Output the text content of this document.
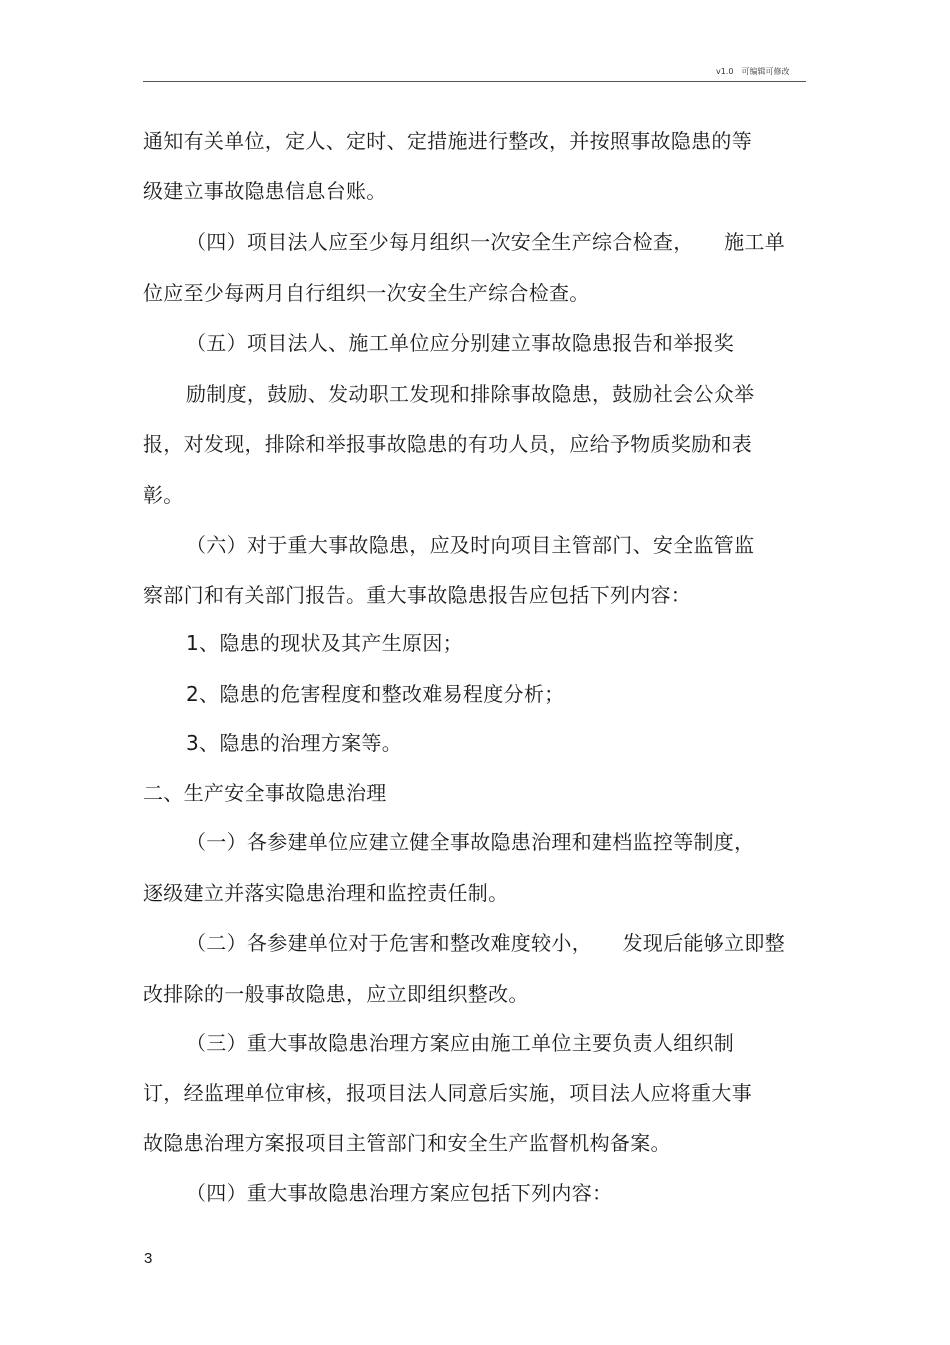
v1.0　可编辑可修改
通知有关单位，定人、定时、定措施进行整改，并按照事故隐患的等
级建立事故隐患信息台账。
（四）项目法人应至少每月组织一次安全生产综合检查，　　施工单
位应至少每两月自行组织一次安全生产综合检查。
（五）项目法人、施工单位应分别建立事故隐患报告和举报奖
励制度，鼓励、发动职工发现和排除事故隐患，鼓励社会公众举
报，对发现，排除和举报事故隐患的有功人员，应给予物质奖励和表
彰。
（六）对于重大事故隐患，应及时向项目主管部门、安全监管监
察部门和有关部门报告。重大事故隐患报告应包括下列内容：
1、隐患的现状及其产生原因；
2、隐患的危害程度和整改难易程度分析；
3、隐患的治理方案等。
二、生产安全事故隐患治理
（一）各参建单位应建立健全事故隐患治理和建档监控等制度，
逐级建立并落实隐患治理和监控责任制。
（二）各参建单位对于危害和整改难度较小，　　发现后能够立即整
改排除的一般事故隐患，应立即组织整改。
（三）重大事故隐患治理方案应由施工单位主要负责人组织制
订，经监理单位审核，报项目法人同意后实施，项目法人应将重大事
故隐患治理方案报项目主管部门和安全生产监督机构备案。
（四）重大事故隐患治理方案应包括下列内容：
3
